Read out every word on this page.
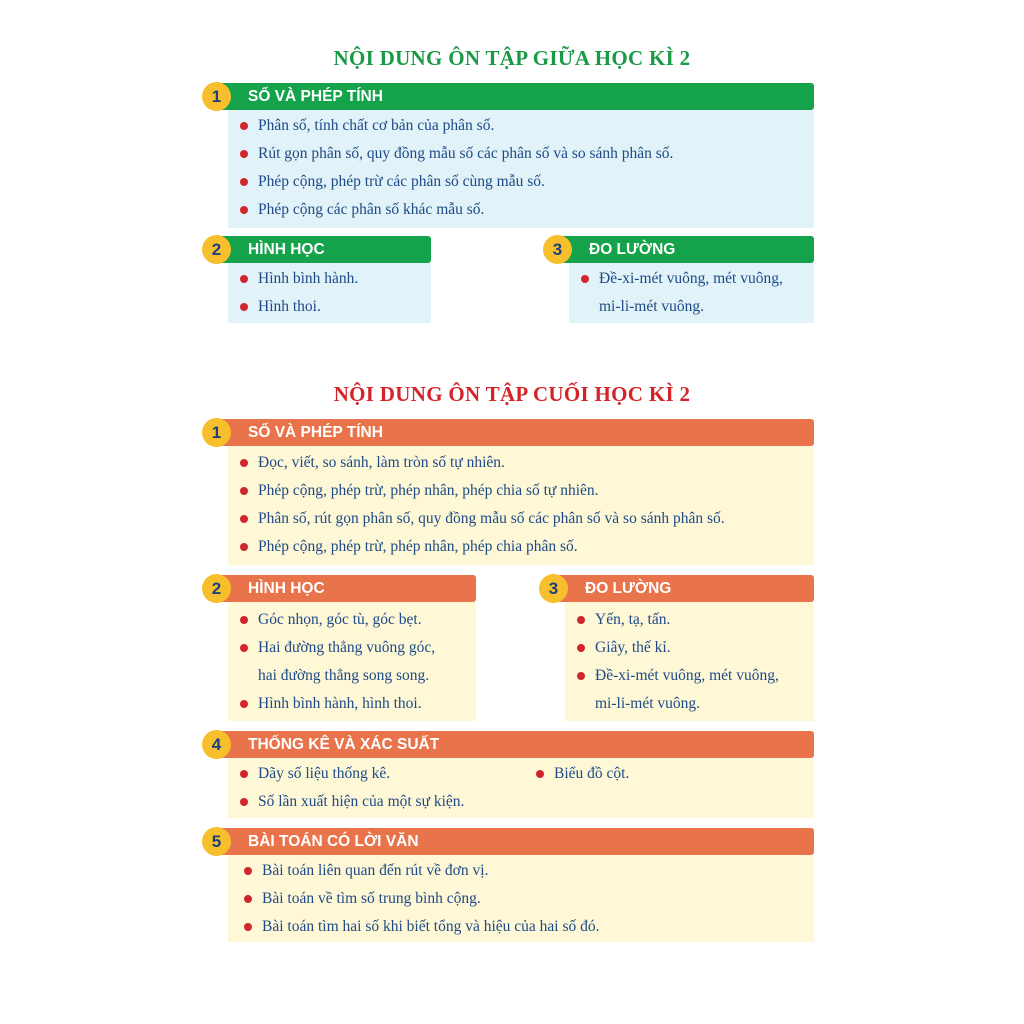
NỘI DUNG ÔN TẬP GIỮA HỌC KÌ 2
1	SỐ VÀ PHÉP TÍNH
Phân số, tính chất cơ bản của phân số.
Rút gọn phân số, quy đồng mẫu số các phân số và so sánh phân số.
Phép cộng, phép trừ các phân số cùng mẫu số.
Phép cộng các phân số khác mẫu số.
2	HÌNH HỌC
Hình bình hành.
Hình thoi.
3	ĐO LƯỜNG
Đề-xi-mét vuông, mét vuông,
mi-li-mét vuông.
NỘI DUNG ÔN TẬP CUỐI HỌC KÌ 2
1	SỐ VÀ PHÉP TÍNH
Đọc, viết, so sánh, làm tròn số tự nhiên.
Phép cộng, phép trừ, phép nhân, phép chia số tự nhiên.
Phân số, rút gọn phân số, quy đồng mẫu số các phân số và so sánh phân số.
Phép cộng, phép trừ, phép nhân, phép chia phân số.
2	HÌNH HỌC
Góc nhọn, góc tù, góc bẹt.
Hai đường thẳng vuông góc,
hai đường thẳng song song.
Hình bình hành, hình thoi.
3	ĐO LƯỜNG
Yến, tạ, tấn.
Giây, thế kỉ.
Đề-xi-mét vuông, mét vuông,
mi-li-mét vuông.
4	THỐNG KÊ VÀ XÁC SUẤT
Dãy số liệu thống kê.
Số lần xuất hiện của một sự kiện.
Biểu đồ cột.
5	BÀI TOÁN CÓ LỜI VĂN
Bài toán liên quan đến rút về đơn vị.
Bài toán về tìm số trung bình cộng.
Bài toán tìm hai số khi biết tổng và hiệu của hai số đó.
